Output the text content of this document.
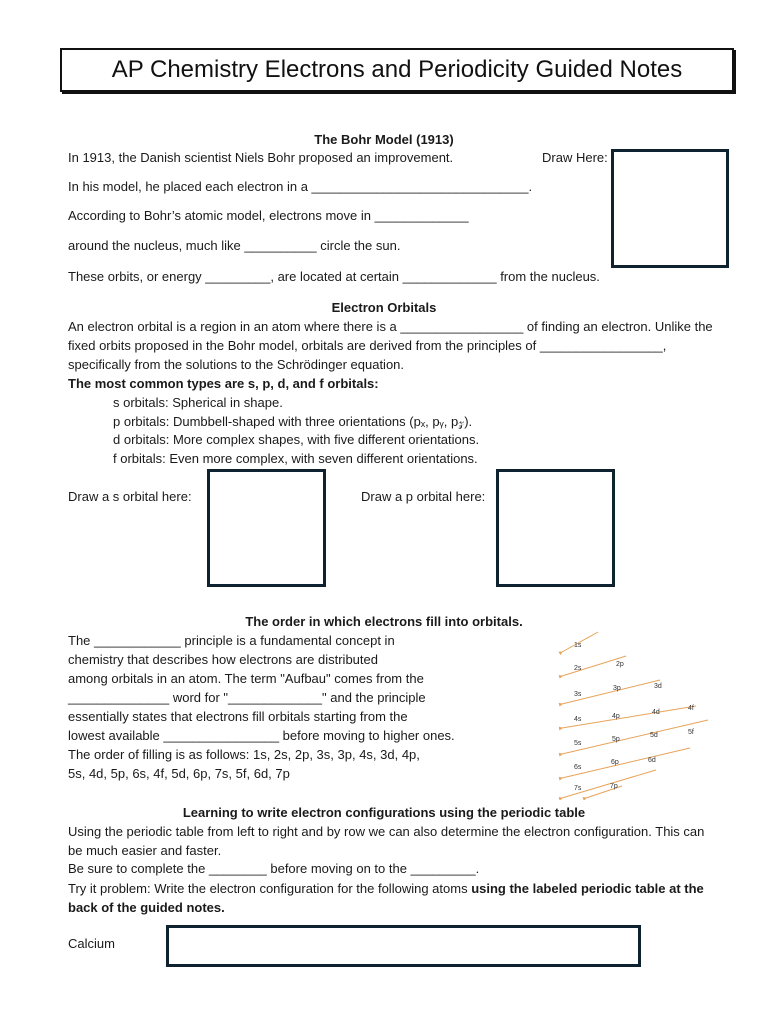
AP Chemistry Electrons and Periodicity Guided Notes
The Bohr Model (1913)
In 1913, the Danish scientist Niels Bohr proposed an improvement.	Draw Here:
In his model, he placed each electron in a ______________________________.
According to Bohr’s atomic model, electrons move in _____________
around the nucleus, much like __________ circle the sun.
These orbits, or energy _________, are located at certain _____________ from the nucleus.
Electron Orbitals
An electron orbital is a region in an atom where there is a _________________ of finding an electron. Unlike the fixed orbits proposed in the Bohr model, orbitals are derived from the principles of _________________, specifically from the solutions to the Schrödinger equation.
The most common types are s, p, d, and f orbitals:
s orbitals: Spherical in shape.
p orbitals: Dumbbell-shaped with three orientations (pₓ, pᵧ, p𝓏).
d orbitals: More complex shapes, with five different orientations.
f orbitals: Even more complex, with seven different orientations.
Draw a s orbital here:	Draw a p orbital here:
The order in which electrons fill into orbitals.
The ____________ principle is a fundamental concept in
chemistry that describes how electrons are distributed
among orbitals in an atom. The term "Aufbau" comes from the
______________ word for "_____________" and the principle
essentially states that electrons fill orbitals starting from the
lowest available ________________ before moving to higher ones.
The order of filling is as follows: 1s, 2s, 2p, 3s, 3p, 4s, 3d, 4p,
5s, 4d, 5p, 6s, 4f, 5d, 6p, 7s, 5f, 6d, 7p
1s
2s
2p
3s
3p	3d
4s	4p
4d
4f
5s
5p
5d	5f
6s
6p	6d
7s	7p
Learning to write electron configurations using the periodic table
Using the periodic table from left to right and by row we can also determine the electron configuration. This can be much easier and faster.
Be sure to complete the ________ before moving on to the _________.
Try it problem: Write the electron configuration for the following atoms using the labeled periodic table at the back of the guided notes.
Calcium
